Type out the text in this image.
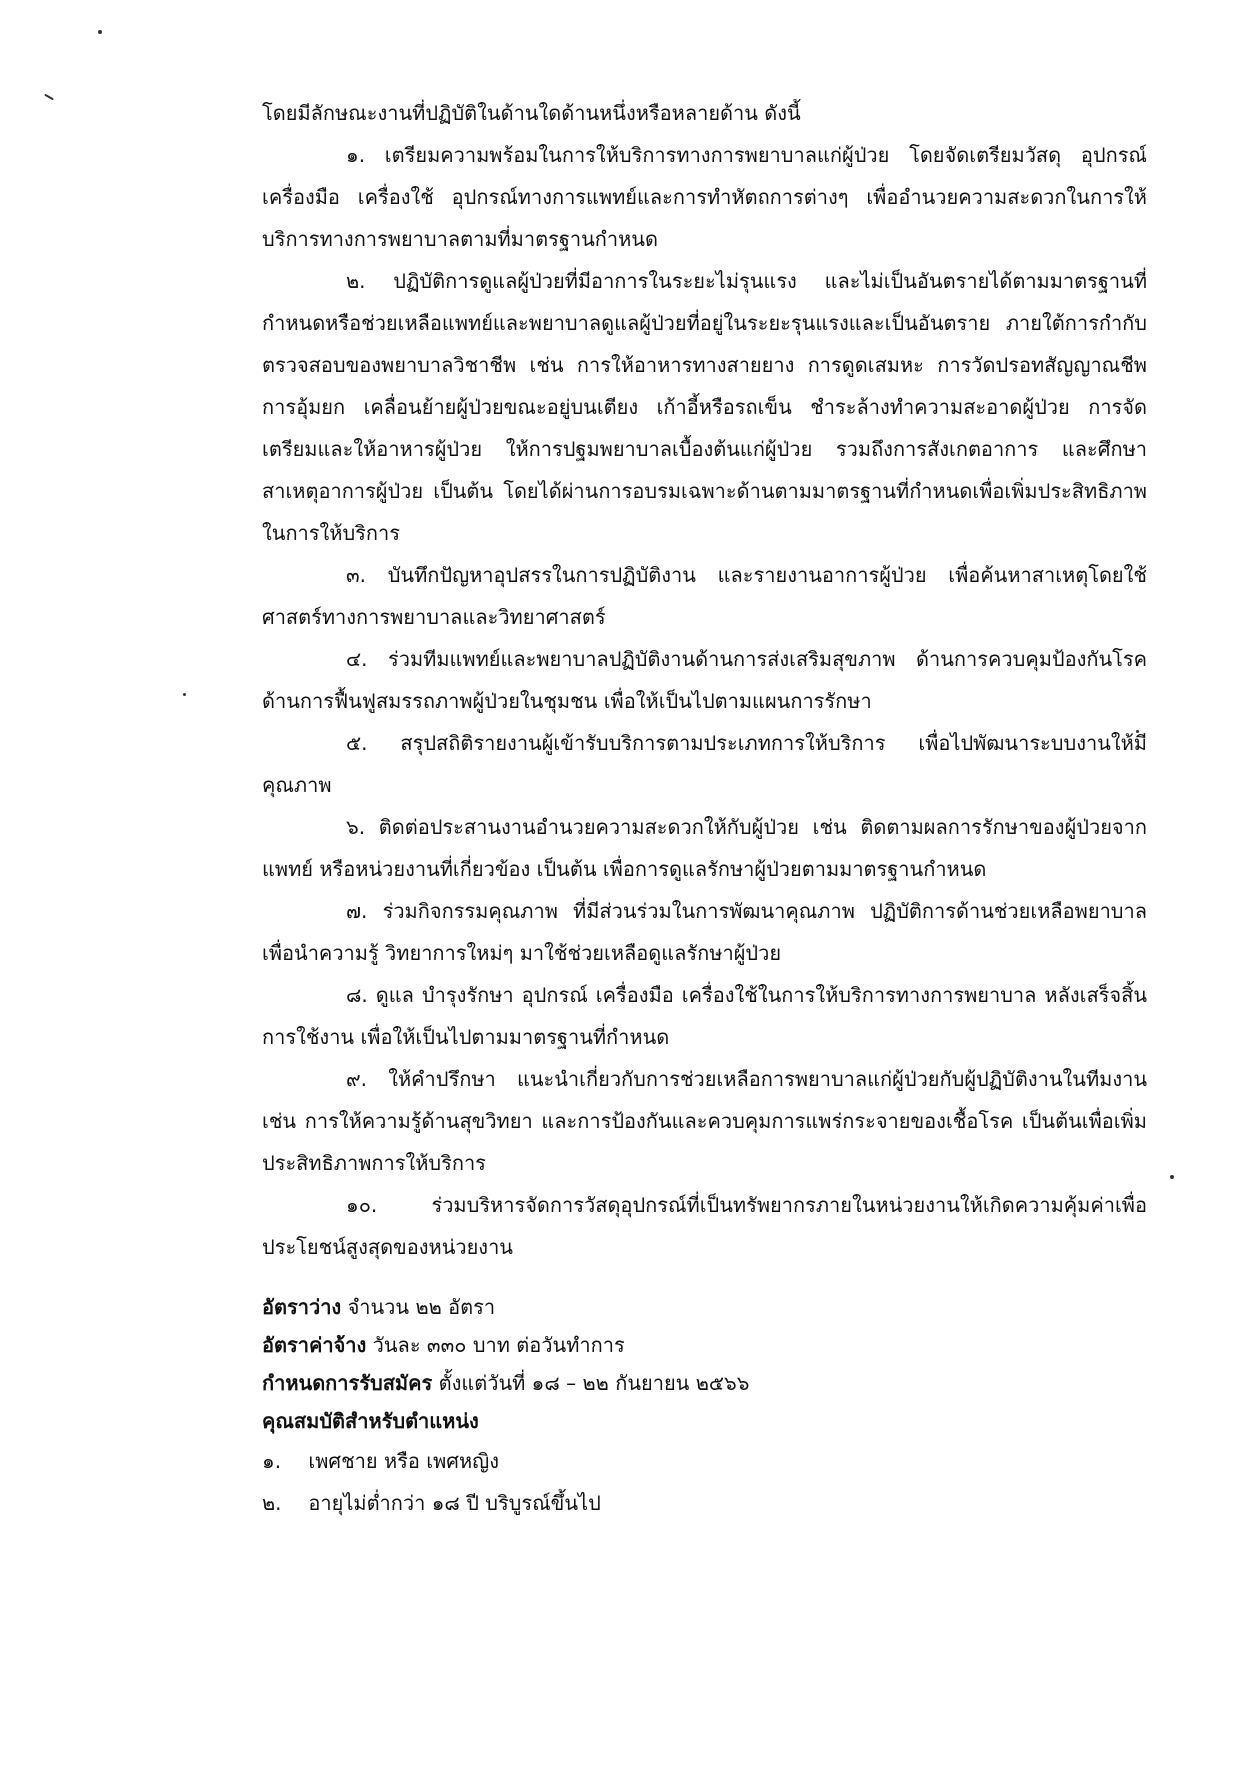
โดยมีลักษณะงานที่ปฏิบัติในด้านใดด้านหนึ่งหรือหลายด้าน ดังนี้

๑. เตรียมความพร้อมในการให้บริการทางการพยาบาลแก่ผู้ป่วย โดยจัดเตรียมวัสดุ อุปกรณ์ เครื่องมือ เครื่องใช้ อุปกรณ์ทางการแพทย์และการทำหัตถการต่างๆ เพื่ออำนวยความสะดวกในการให้บริการทางการพยาบาลตามที่มาตรฐานกำหนด

๒. ปฏิบัติการดูแลผู้ป่วยที่มีอาการในระยะไม่รุนแรง และไม่เป็นอันตรายได้ตามมาตรฐานที่กำหนดหรือช่วยเหลือแพทย์และพยาบาลดูแลผู้ป่วยที่อยู่ในระยะรุนแรงและเป็นอันตราย ภายใต้การกำกับตรวจสอบของพยาบาลวิชาชีพ เช่น การให้อาหารทางสายยาง การดูดเสมหะ การวัดปรอทสัญญาณชีพ การอุ้มยก เคลื่อนย้ายผู้ป่วยขณะอยู่บนเตียง เก้าอี้หรือรถเข็น ชำระล้างทำความสะอาดผู้ป่วย การจัดเตรียมและให้อาหารผู้ป่วย ให้การปฐมพยาบาลเบื้องต้นแก่ผู้ป่วย รวมถึงการสังเกตอาการ และศึกษาสาเหตุอาการผู้ป่วย เป็นต้น โดยได้ผ่านการอบรมเฉพาะด้านตามมาตรฐานที่กำหนดเพื่อเพิ่มประสิทธิภาพในการให้บริการ

๓. บันทึกปัญหาอุปสรรในการปฏิบัติงาน และรายงานอาการผู้ป่วย เพื่อค้นหาสาเหตุโดยใช้ศาสตร์ทางการพยาบาลและวิทยาศาสตร์

๔. ร่วมทีมแพทย์และพยาบาลปฏิบัติงานด้านการส่งเสริมสุขภาพ ด้านการควบคุมป้องกันโรคด้านการฟื้นฟูสมรรถภาพผู้ป่วยในชุมชน เพื่อให้เป็นไปตามแผนการรักษา

๕. สรุปสถิติรายงานผู้เข้ารับบริการตามประเภทการให้บริการ เพื่อไปพัฒนาระบบงานให้มีคุณภาพ

๖. ติดต่อประสานงานอำนวยความสะดวกให้กับผู้ป่วย เช่น ติดตามผลการรักษาของผู้ป่วยจากแพทย์ หรือหน่วยงานที่เกี่ยวข้อง เป็นต้น เพื่อการดูแลรักษาผู้ป่วยตามมาตรฐานกำหนด

๗. ร่วมกิจกรรมคุณภาพ ที่มีส่วนร่วมในการพัฒนาคุณภาพ ปฏิบัติการด้านช่วยเหลือพยาบาลเพื่อนำความรู้ วิทยาการใหม่ๆ มาใช้ช่วยเหลือดูแลรักษาผู้ป่วย

๘. ดูแล บำรุงรักษา อุปกรณ์ เครื่องมือ เครื่องใช้ในการให้บริการทางการพยาบาล หลังเสร็จสิ้นการใช้งาน เพื่อให้เป็นไปตามมาตรฐานที่กำหนด

๙. ให้คำปรึกษา แนะนำเกี่ยวกับการช่วยเหลือการพยาบาลแก่ผู้ป่วยกับผู้ปฏิบัติงานในทีมงานเช่น การให้ความรู้ด้านสุขวิทยา และการป้องกันและควบคุมการแพร่กระจายของเชื้อโรค เป็นต้นเพื่อเพิ่มประสิทธิภาพการให้บริการ

๑๐. ร่วมบริหารจัดการวัสดุอุปกรณ์ที่เป็นทรัพยากรภายในหน่วยงานให้เกิดความคุ้มค่าเพื่อประโยชน์สูงสุดของหน่วยงาน

อัตราว่าง จำนวน ๒๒ อัตรา

อัตราค่าจ้าง วันละ ๓๓๐ บาท ต่อวันทำการ

กำหนดการรับสมัคร ตั้งแต่วันที่ ๑๘ – ๒๒ กันยายน ๒๕๖๖

คุณสมบัติสำหรับตำแหน่ง

๑. เพศชาย หรือ เพศหญิง

๒. อายุไม่ต่ำกว่า ๑๘ ปี บริบูรณ์ขึ้นไป
